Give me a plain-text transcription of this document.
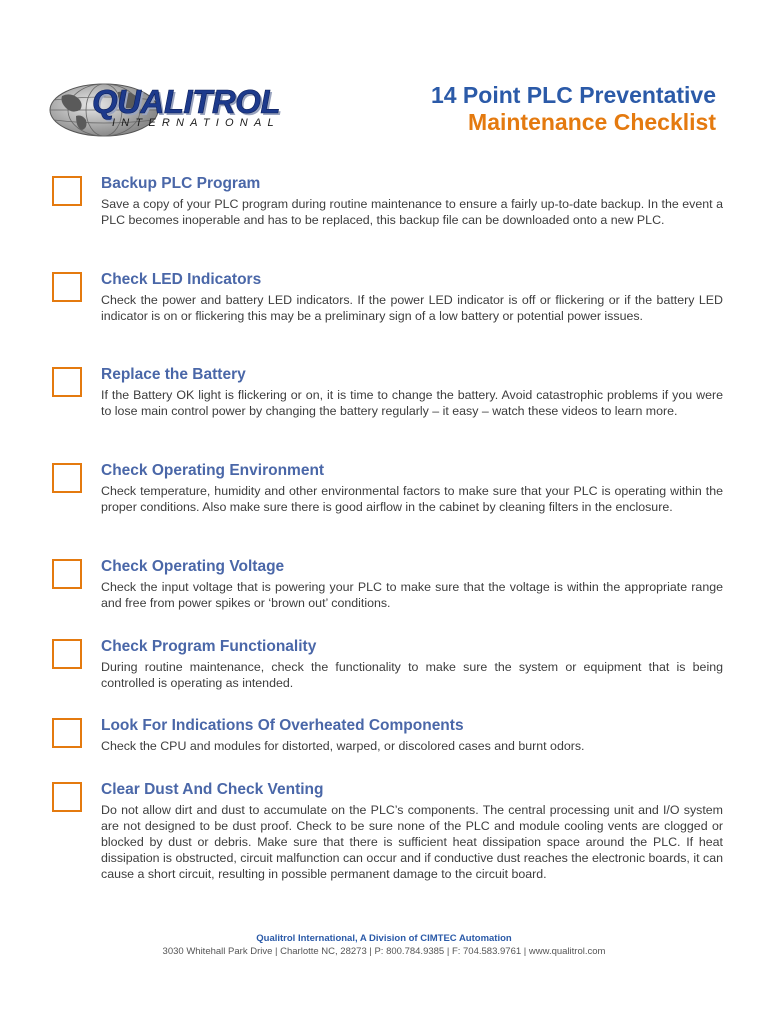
QUALITROL
INTERNATIONAL
14 Point PLC Preventative
Maintenance Checklist
Backup PLC Program
Save a copy of your PLC program during routine maintenance to ensure a fairly up-to-date backup. In the event a PLC becomes inoperable and has to be replaced, this backup file can be downloaded onto a new PLC.
Check LED Indicators
Check the power and battery LED indicators. If the power LED indicator is off or flickering or if the battery LED indicator is on or flickering this may be a preliminary sign of a low battery or potential power issues.
Replace the Battery
If the Battery OK light is flickering or on, it is time to change the battery. Avoid catastrophic problems if you were to lose main control power by changing the battery regularly – it easy – watch these videos to learn more.
Check Operating Environment
Check temperature, humidity and other environmental factors to make sure that your PLC is operating within the proper conditions. Also make sure there is good airflow in the cabinet by cleaning filters in the enclosure.
Check Operating Voltage
Check the input voltage that is powering your PLC to make sure that the voltage is within the appropriate range and free from power spikes or ‘brown out’ conditions.
Check Program Functionality
During routine maintenance, check the functionality to make sure the system or equipment that is being controlled is operating as intended.
Look For Indications Of Overheated Components
Check the CPU and modules for distorted, warped, or discolored cases and burnt odors.
Clear Dust And Check Venting
Do not allow dirt and dust to accumulate on the PLC’s components. The central processing unit and I/O system are not designed to be dust proof. Check to be sure none of the PLC and module cooling vents are clogged or blocked by dust or debris. Make sure that there is sufficient heat dissipation space around the PLC. If heat dissipation is obstructed, circuit malfunction can occur and if conductive dust reaches the electronic boards, it can cause a short circuit, resulting in possible permanent damage to the circuit board.
Qualitrol International, A Division of CIMTEC Automation
3030 Whitehall Park Drive | Charlotte NC, 28273 | P: 800.784.9385 | F: 704.583.9761 | www.qualitrol.com
